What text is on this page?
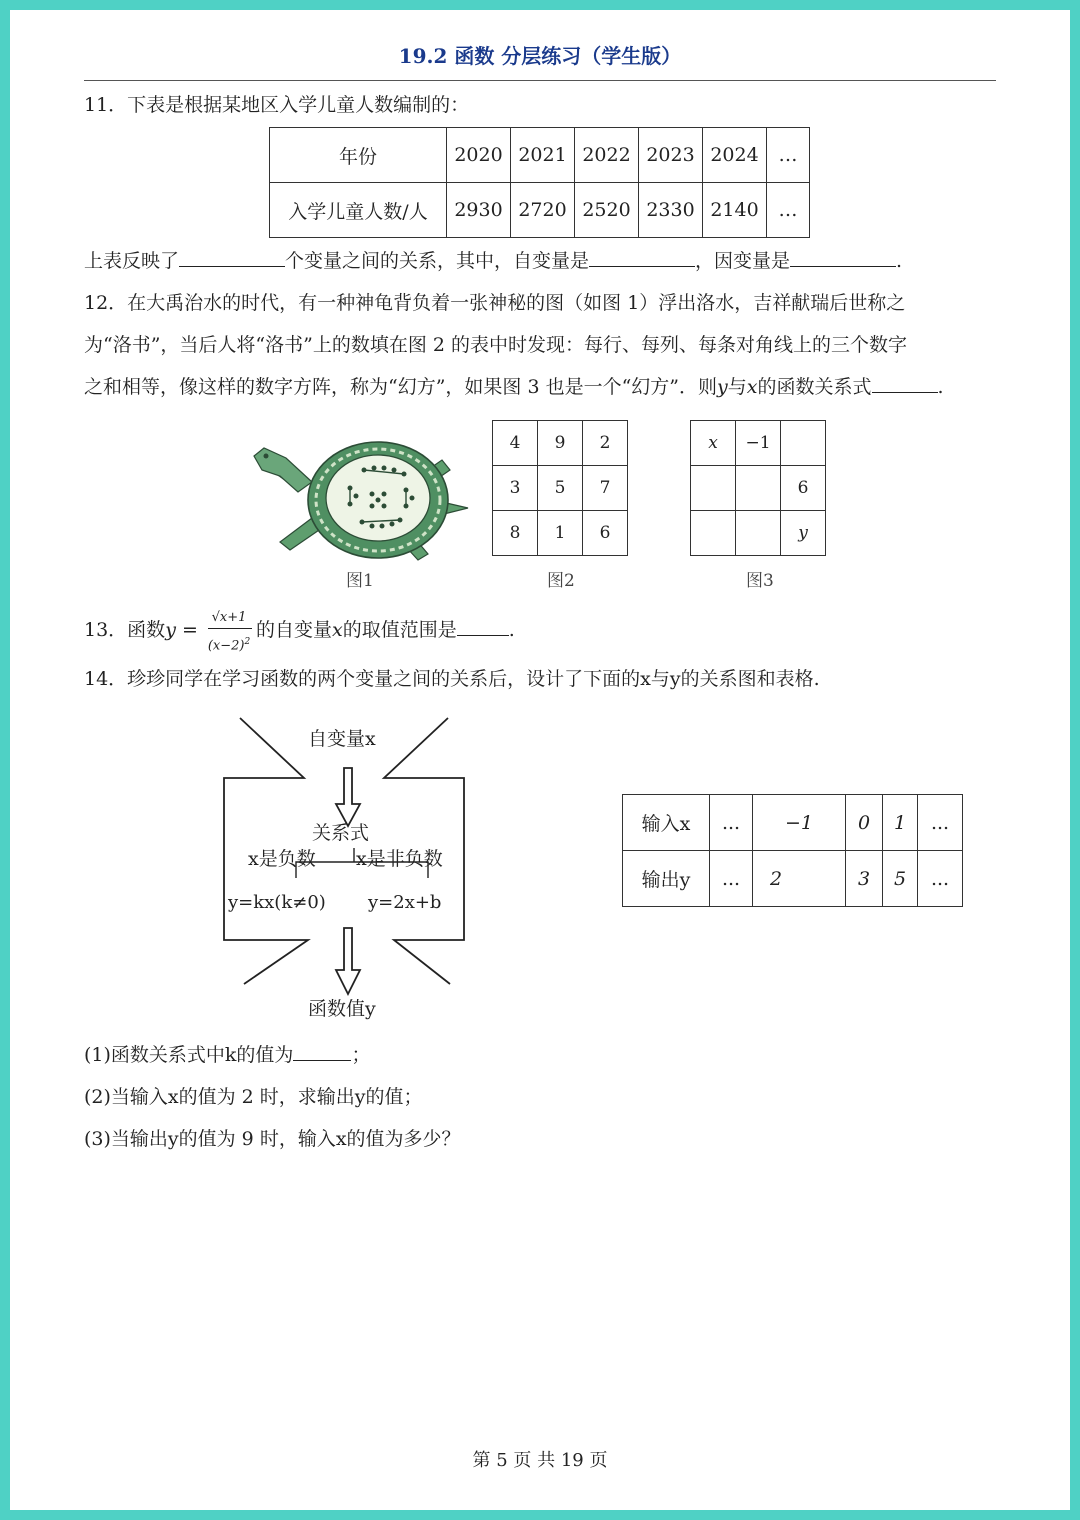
19.2 函数 分层练习（学生版）
11．下表是根据某地区入学儿童人数编制的：
年份	2020	2021	2022	2023	2024	…
入学儿童人数/人	2930	2720	2520	2330	2140	…
上表反映了	个变量之间的关系，其中，自变量是	，因变量是	.
12．在大禹治水的时代，有一种神龟背负着一张神秘的图（如图 1）浮出洛水，吉祥献瑞后世称之
为“洛书”，当后人将“洛书”上的数填在图 2 的表中时发现：每行、每列、每条对角线上的三个数字
之和相等，像这样的数字方阵，称为“幻方”，如果图 3 也是一个“幻方”．则y与x的函数关系式	.
图1
4	9	2
3	5	7
8	1	6
图2
x	−1	
		6
		y
图3
13．函数y =
√x+1
$(x-2)^2$
的自变量x的取值范围是	.
14．珍珍同学在学习函数的两个变量之间的关系后，设计了下面的x与y的关系图和表格.
自变量x
关系式
x是负数 x是非负数
y=kx(k≠0) y=2x+b
函数值y
输入x	...	−1		0	1	...
输出y	...	2		3	5	...
(1)函数关系式中k的值为	；
(2)当输入x的值为 2 时，求输出y的值；
(3)当输出y的值为 9 时，输入x的值为多少？
第 5 页 共 19 页
